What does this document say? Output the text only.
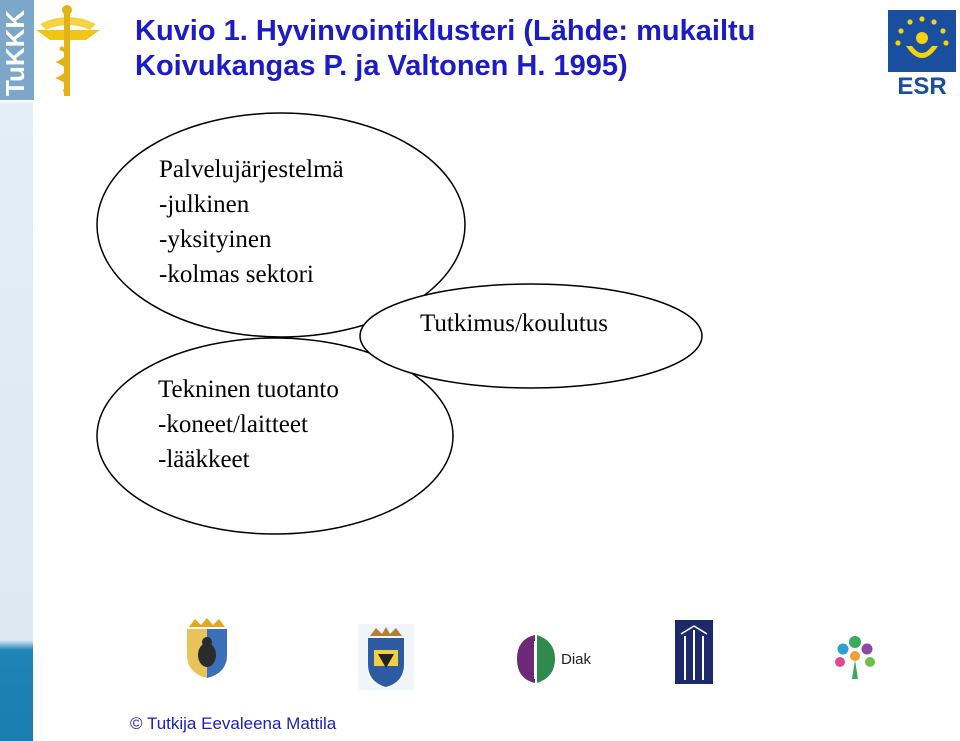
TuKKK	ESR
Kuvio 1. Hyvinvointiklusteri (Lähde: mukailtu
Koivukangas P. ja Valtonen H. 1995)
Palvelujärjestelmä
-julkinen
-yksityinen
-kolmas sektori
Tutkimus/koulutus
Tekninen tuotanto
-koneet/laitteet
-lääkkeet
Diak
© Tutkija Eevaleena Mattila
